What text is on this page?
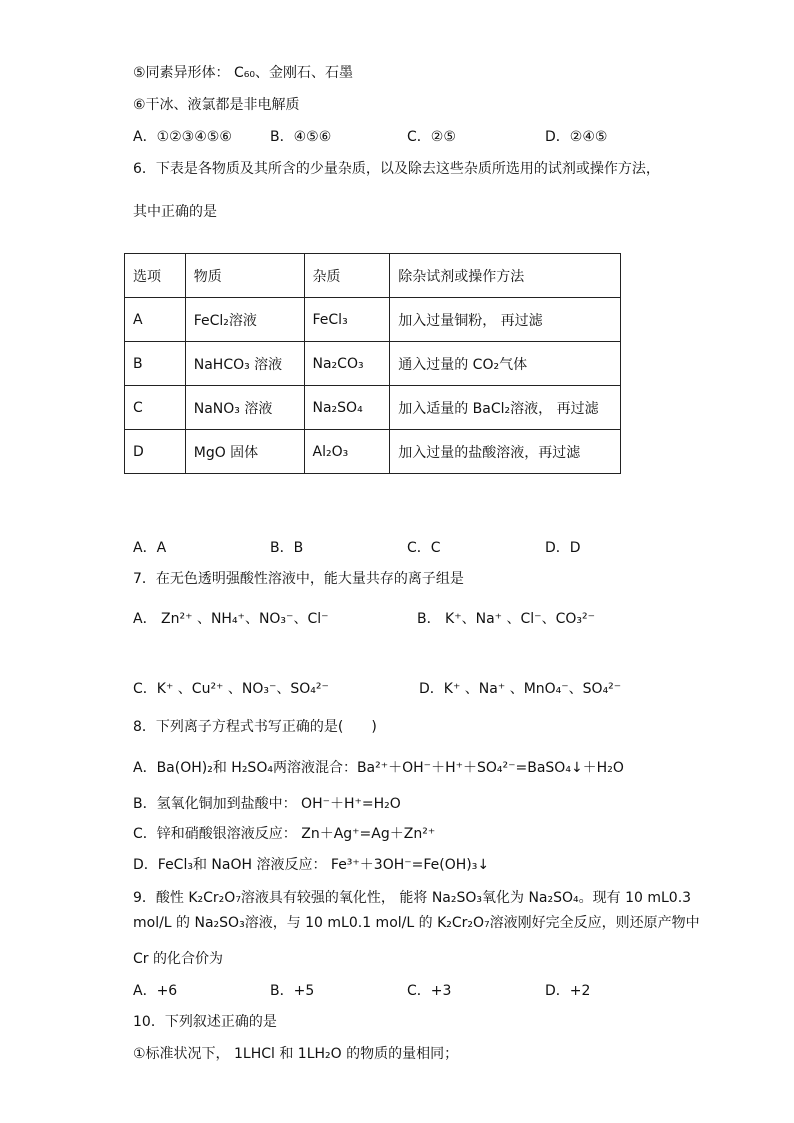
⑤同素异形体： C₆₀、金刚石、石墨
⑥干冰、液氯都是非电解质
A．①②③④⑤⑥	B．④⑤⑥	C．②⑤	D．②④⑤
6．下表是各物质及其所含的少量杂质，以及除去这些杂质所选用的试剂或操作方法，
其中正确的是
选项	物质	杂质	除杂试剂或操作方法
A	FeCl₂溶液	FeCl₃	加入过量铜粉， 再过滤
B	NaHCO₃ 溶液	Na₂CO₃	通入过量的 CO₂气体
C	NaNO₃ 溶液	Na₂SO₄	加入适量的 BaCl₂溶液， 再过滤
D	MgO 固体	Al₂O₃	加入过量的盐酸溶液，再过滤
A．A	B．B	C．C	D．D
7．在无色透明强酸性溶液中，能大量共存的离子组是
A． Zn²⁺ 、NH₄⁺、NO₃⁻、Cl⁻	B． K⁺、Na⁺ 、Cl⁻、CO₃²⁻
C．K⁺ 、Cu²⁺ 、NO₃⁻、SO₄²⁻	D．K⁺ 、Na⁺ 、MnO₄⁻、SO₄²⁻
8．下列离子方程式书写正确的是(　　)
A．Ba(OH)₂和 H₂SO₄两溶液混合：Ba²⁺＋OH⁻＋H⁺＋SO₄²⁻=BaSO₄↓＋H₂O
B．氢氧化铜加到盐酸中： OH⁻＋H⁺=H₂O
C．锌和硝酸银溶液反应： Zn＋Ag⁺=Ag＋Zn²⁺
D．FeCl₃和 NaOH 溶液反应： Fe³⁺＋3OH⁻=Fe(OH)₃↓
9．酸性 K₂Cr₂O₇溶液具有较强的氧化性， 能将 Na₂SO₃氧化为 Na₂SO₄。现有 10 mL0.3
mol/L 的 Na₂SO₃溶液，与 10 mL0.1 mol/L 的 K₂Cr₂O₇溶液刚好完全反应，则还原产物中
Cr 的化合价为
A．+6	B．+5	C．+3	D．+2
10．下列叙述正确的是
①标准状况下， 1LHCl 和 1LH₂O 的物质的量相同；
